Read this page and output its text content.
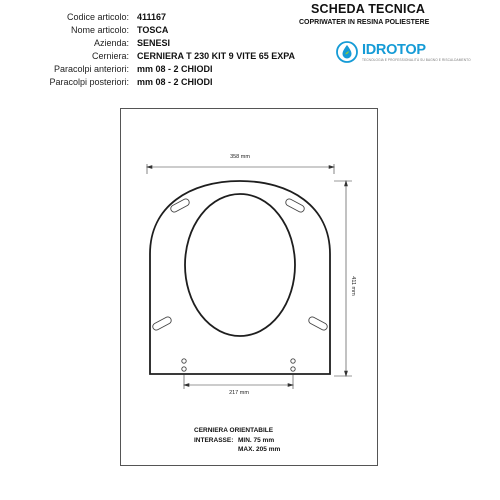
SCHEDA TECNICA
COPRIWATER IN RESINA POLIESTERE
Codice articolo: 411167
Nome articolo: TOSCA
Azienda: SENESI
Cerniera: CERNIERA T 230 KIT 9 VITE 65 EXPA
Paracolpi anteriori: mm 08 - 2 CHIODI
Paracolpi posteriori: mm 08 - 2 CHIODI
IDROTOP
TECNOLOGIA E PROFESSIONALITÀ SU BAGNO E RISCALDAMENTO
358 mm
411 mm
217 mm
CERNIERA ORIENTABILE
INTERASSE: MIN. 75 mm
MAX. 205 mm
